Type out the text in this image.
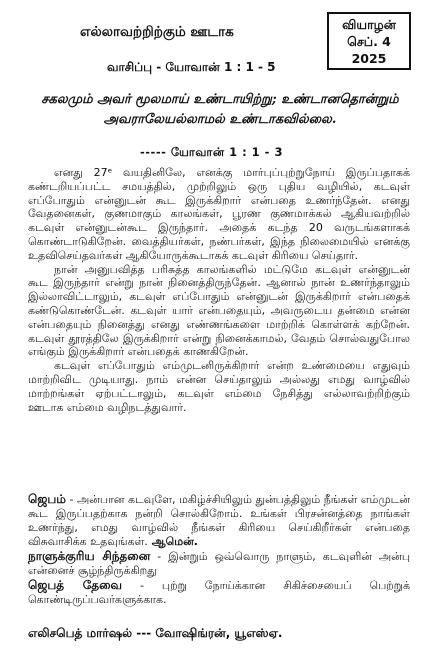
எல்லாவற்றிற்கும் ஊடாக
வாசிப்பு - யோவான் 1 : 1 - 5
வியாழன்
செப். 4
2025
சகலமும் அவர் மூலமாய் உண்டாயிற்று; உண்டானதொன்றும் அவராலேயல்லாமல் உண்டாகவில்லை.
----- யோவான் 1 : 1 - 3

எனது 27ᵉ வயதினிலே, எனக்கு மார்புப்புற்றுநோய் இருப்பதாகக் கண்டறியப்பட்ட சமயத்தில், முற்றிலும் ஒரு புதிய வழியில், கடவுள் எப்போதும் என்னுடன் கூட இருக்கிறார் என்பதை உணர்ந்தேன். எனது வேதனைகள், குணமாகும் காலங்கள், பூரண குணமாக்கல் ஆகியவற்றில் கடவுள் என்னுடன்கூட இருந்தார். அதைக் கடந்த 20 வருடங்களாகக் கொண்டாடுகிறேன். வைத்தியர்கள், நண்பர்கள், இந்த நிலைமையில் எனக்கு உதவிசெய்தவர்கள் ஆகியோருக்கூடாகக் கடவுள் கிரியை செய்தார்.

நான் அனுபவித்த பரிசுத்த காலங்களில் மட்டுமே கடவுள் என்னுடன் கூட இருந்தார் என்று நான் நினைத்திருந்தேன். ஆனால் நான் உணர்ந்தாலும் இல்லாவிட்டாலும், கடவுள் எப்போதும் என்னுடன் இருக்கிறார் என்பதைக் கண்டுகொண்டேன். கடவுள் யார் என்பதையும், அவருடைய தன்மை என்ன என்பதையும் நினைத்து எனது எண்ணங்களை மாற்றிக் கொள்ளக் கற்றேன். கடவுள் தூரத்திலே இருக்கிறார் என்று நினைக்காமல், வேதம் சொல்வதுபோல எங்கும் இருக்கிறார் என்பதைக் காணகிறேன்.

கடவுள் எப்போதும் எம்முடனிருக்கிறார் என்ற உண்மையை எதுவும் மாற்றிவிட முடியாது. நாம் என்ன செய்தாலும் அல்லது எமது வாழ்வில் மாற்றங்கள் ஏற்பட்டாலும், கடவுள் எம்மை நேசித்து எல்லாவற்றிற்கும் ஊடாக எம்மை வழிநடத்துவார்.

ஜெபம் - அன்பான கடவுளே, மகிழ்ச்சியிலும் துன்பத்திலும் நீங்கள் எம்முடன் கூட இருப்பதற்காக நன்றி சொல்கிறோம். உங்கள் பிரசன்னத்தை நாங்கள் உணர்ந்து, எமது வாழ்வில் நீங்கள் கிரியை செய்கிறீர்கள் என்பதை விசுவாசிக்க உதவுங்கள். ஆமென்.

நாளுக்குரிய சிந்தனை - இன்றும் ஒவ்வொரு நாளும், கடவுளின் அன்பு என்னைச் சூழ்ந்திருக்கிறது

ஜெபத் தேவை - புற்று நோய்க்கான சிகிச்சையைப் பெற்றுக் கொண்டிருப்பவர்களுக்காக.

எலிசபெத் மார்ஷல் --- வோஷிங்ரன், யூஎஸ்ஏ.
